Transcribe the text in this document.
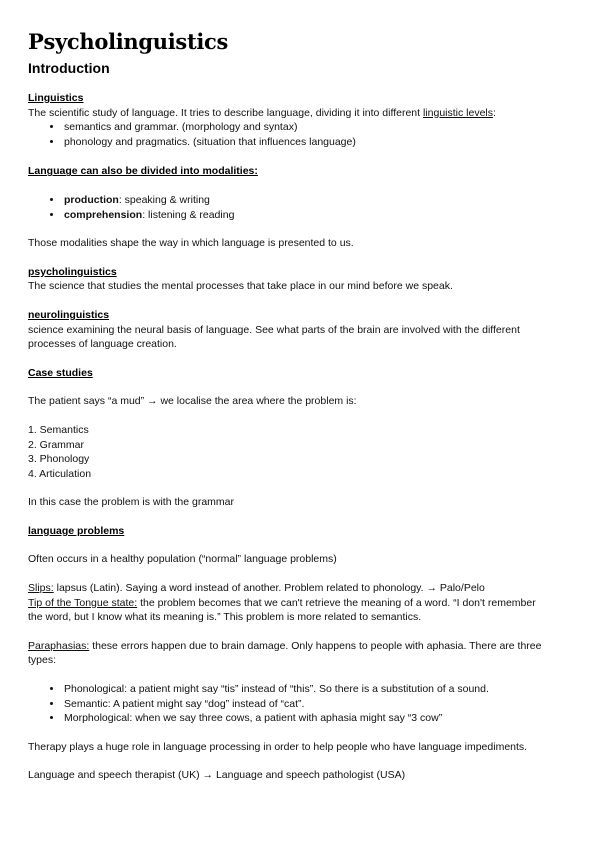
Psycholinguistics
Introduction

Linguistics

The scientific study of language. It tries to describe language, dividing it into different linguistic levels:

• semantics and grammar. (morphology and syntax)
• phonology and pragmatics. (situation that influences language)

Language can also be divided into modalities:

• production: speaking & writing
• comprehension: listening & reading

Those modalities shape the way in which language is presented to us.

psycholinguistics

The science that studies the mental processes that take place in our mind before we speak.

neurolinguistics

science examining the neural basis of language. See what parts of the brain are involved with the different

processes of language creation.

Case studies

The patient says “a mud” → we localise the area where the problem is:

1. Semantics

2. Grammar

3. Phonology

4. Articulation

In this case the problem is with the grammar

language problems

Often occurs in a healthy population (“normal” language problems)

Slips: lapsus (Latin). Saying a word instead of another. Problem related to phonology. → Palo/Pelo

Tip of the Tongue state: the problem becomes that we can't retrieve the meaning of a word. “I don't remember

the word, but I know what its meaning is.” This problem is more related to semantics.

Paraphasias: these errors happen due to brain damage. Only happens to people with aphasia. There are three

types:

• Phonological: a patient might say “tis” instead of “this”. So there is a substitution of a sound.
• Semantic: A patient might say “dog” instead of “cat”.
• Morphological: when we say three cows, a patient with aphasia might say “3 cow”

Therapy plays a huge role in language processing in order to help people who have language impediments.

Language and speech therapist (UK) → Language and speech pathologist (USA)
